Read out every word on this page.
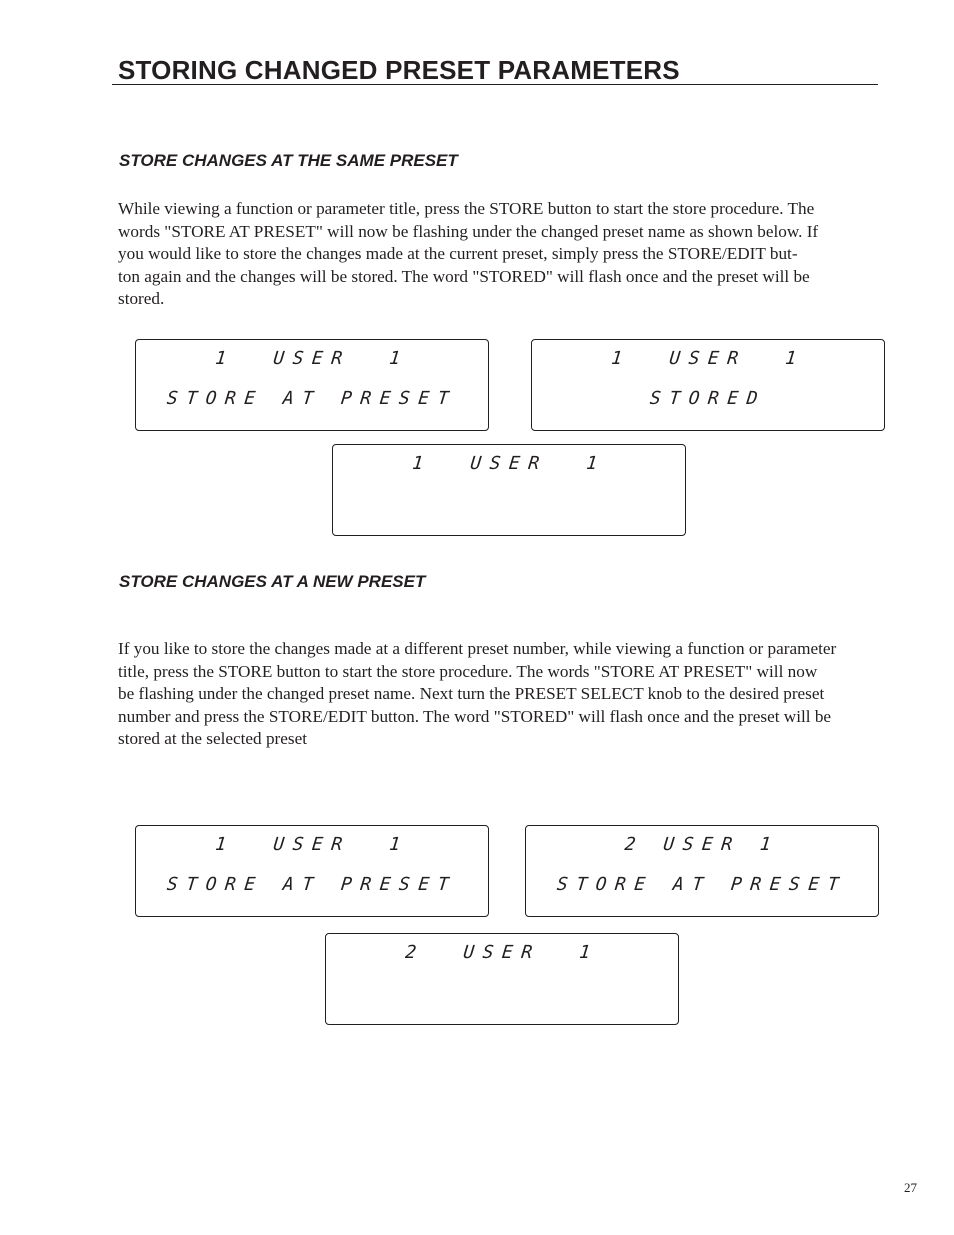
STORING CHANGED PRESET PARAMETERS
STORE CHANGES AT THE SAME PRESET

While viewing a function or parameter title, press the STORE button to start the store procedure. The
words "STORE AT PRESET" will now be flashing under the changed preset name as shown below. If
you would like to store the changes made at the current preset, simply press the STORE/EDIT but-
ton again and the changes will be stored. The word "STORED" will flash once and the preset will be
stored.

1  USER  1
STORE AT PRESET
1  USER  1
STORED
1  USER  1
STORE CHANGES AT A NEW PRESET

If you like to store the changes made at a different preset number, while viewing a function or parameter
title, press the STORE button to start the store procedure. The words "STORE AT PRESET" will now
be flashing under the changed preset name. Next turn the PRESET SELECT knob to the desired preset
number and press the STORE/EDIT button. The word "STORED" will flash once and the preset will be
stored at the selected preset

1  USER  1
STORE AT PRESET
2 USER 1
STORE AT PRESET
2  USER  1
27
